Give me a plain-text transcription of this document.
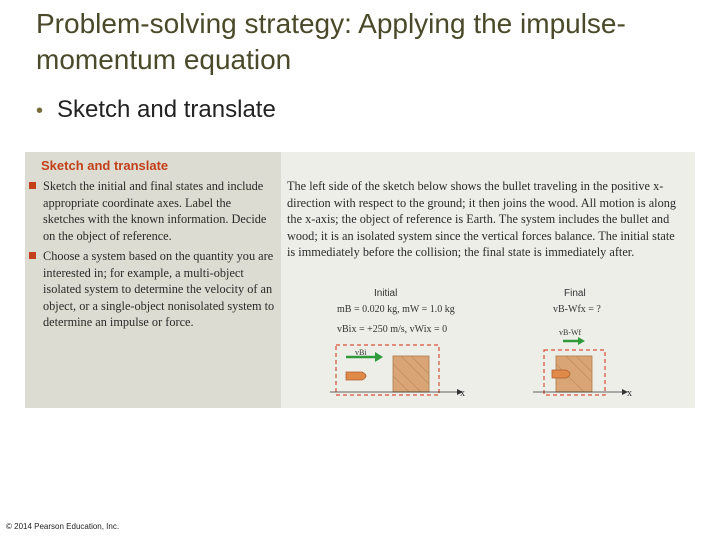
Problem-solving strategy: Applying the impulse-momentum equation
• Sketch and translate
Sketch and translate
Sketch the initial and final states and include appropriate coordinate axes. Label the sketches with the known information. Decide on the object of reference.
Choose a system based on the quantity you are interested in; for example, a multi-object isolated system to determine the velocity of an object, or a single-object nonisolated system to determine an impulse or force.
The left side of the sketch below shows the bullet traveling in the positive x-direction with respect to the ground; it then joins the wood. All motion is along the x-axis; the object of reference is Earth. The system includes the bullet and wood; it is an isolated system since the vertical forces balance. The initial state is immediately before the collision; the final state is immediately after.
Initial	Final
mB = 0.020 kg, mW = 1.0 kg
vBix = +250 m/s, vWix = 0
vB-Wfx = ?
vBi
vB-Wf
x	x
© 2014 Pearson Education, Inc.
